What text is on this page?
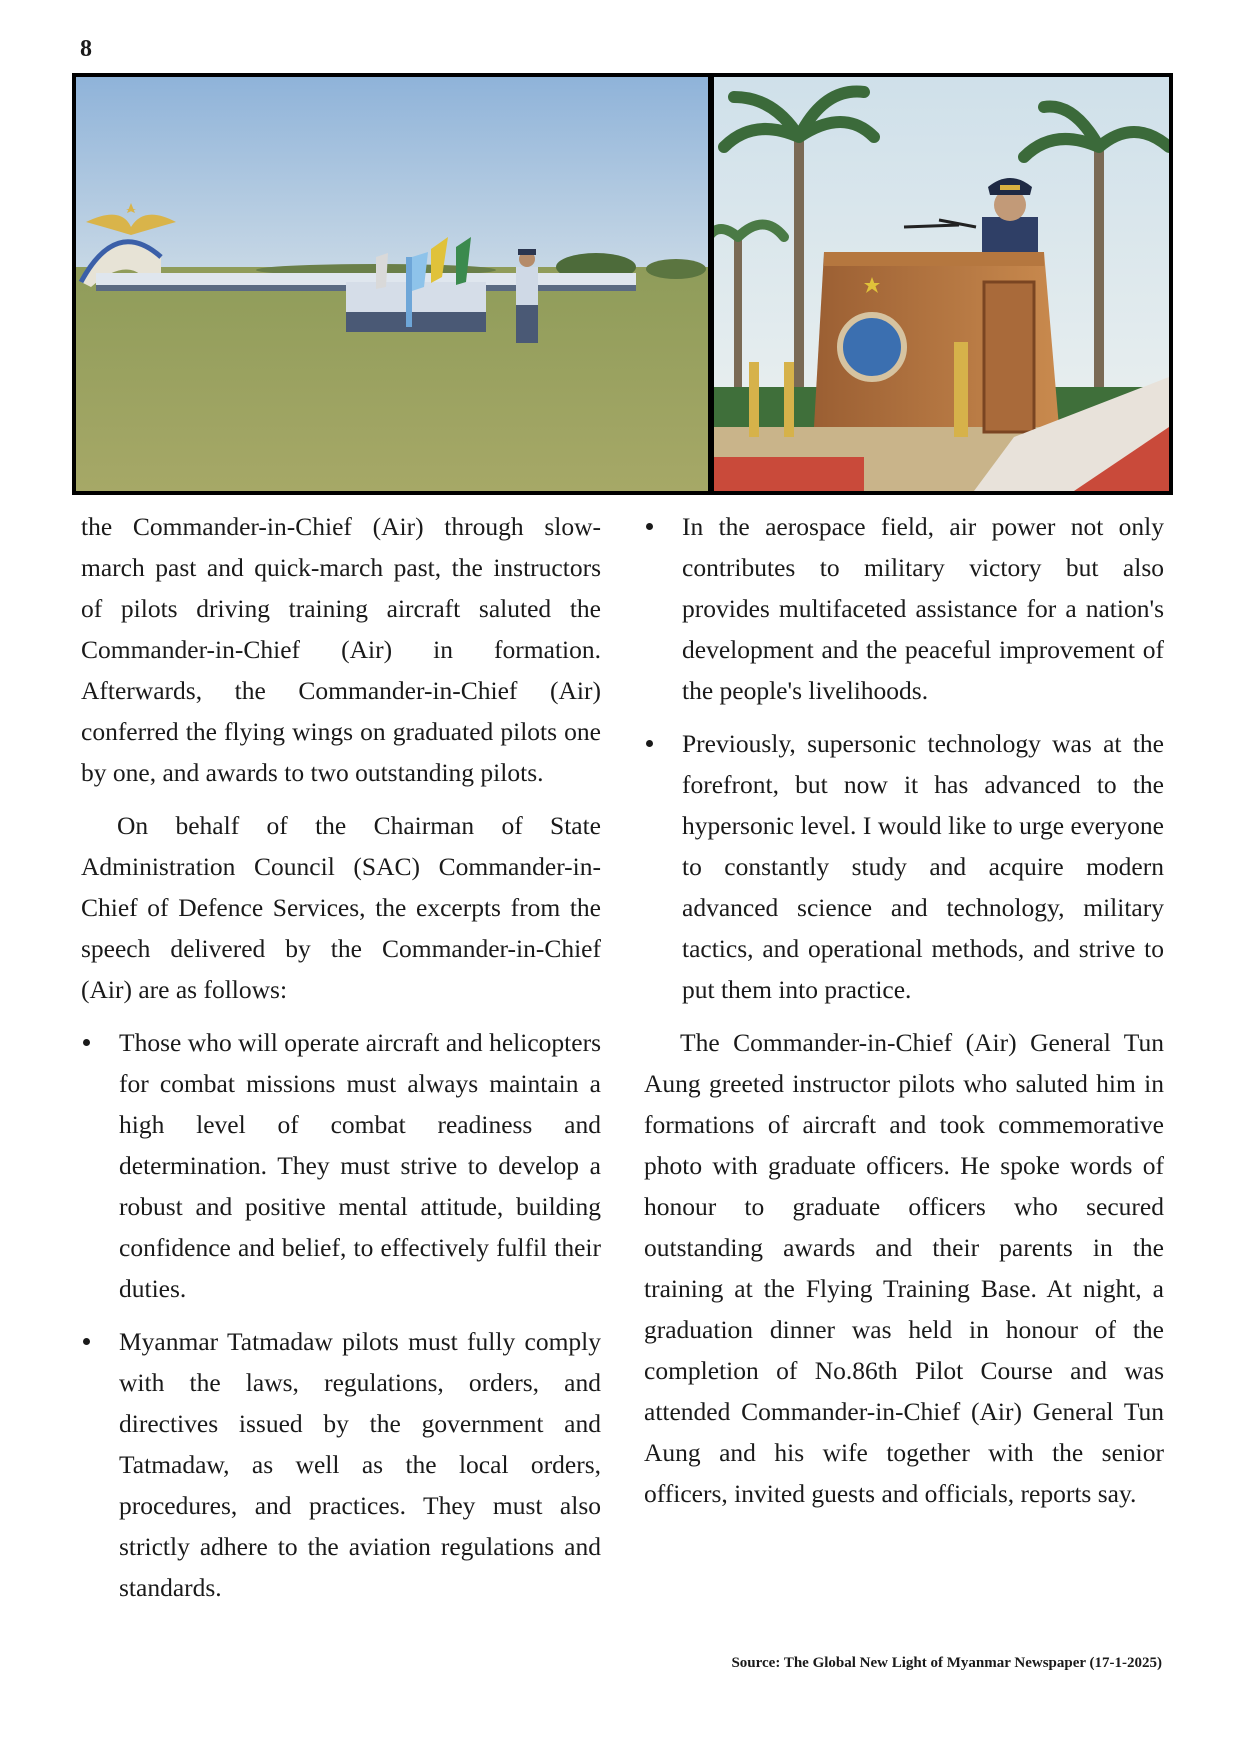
8

the Commander-in-Chief (Air) through slow-march past and quick-march past, the instructors of pilots driving training aircraft saluted the Commander-in-Chief (Air) in formation. Afterwards, the Commander-in-Chief (Air) conferred the flying wings on graduated pilots one by one, and awards to two outstanding pilots.

On behalf of the Chairman of State Administration Council (SAC) Commander-in-Chief of Defence Services, the excerpts from the speech delivered by the Commander-in-Chief (Air) are as follows:

Those who will operate aircraft and helicopters for combat missions must always maintain a high level of combat readiness and determination. They must strive to develop a robust and positive mental attitude, building confidence and belief, to effectively fulfil their duties.
Myanmar Tatmadaw pilots must fully comply with the laws, regulations, orders, and directives issued by the government and Tatmadaw, as well as the local orders, procedures, and practices. They must also strictly adhere to the aviation regulations and standards.
In the aerospace field, air power not only contributes to military victory but also provides multifaceted assistance for a nation's development and the peaceful improvement of the people's livelihoods.
Previously, supersonic technology was at the forefront, but now it has advanced to the hypersonic level. I would like to urge everyone to constantly study and acquire modern advanced science and technology, military tactics, and operational methods, and strive to put them into practice.

The Commander-in-Chief (Air) General Tun Aung greeted instructor pilots who saluted him in formations of aircraft and took commemorative photo with graduate officers. He spoke words of honour to graduate officers who secured outstanding awards and their parents in the training at the Flying Training Base. At night, a graduation dinner was held in honour of the completion of No.86th Pilot Course and was attended Commander-in-Chief (Air) General Tun Aung and his wife together with the senior officers, invited guests and officials, reports say.

Source: The Global New Light of Myanmar Newspaper (17-1-2025)
